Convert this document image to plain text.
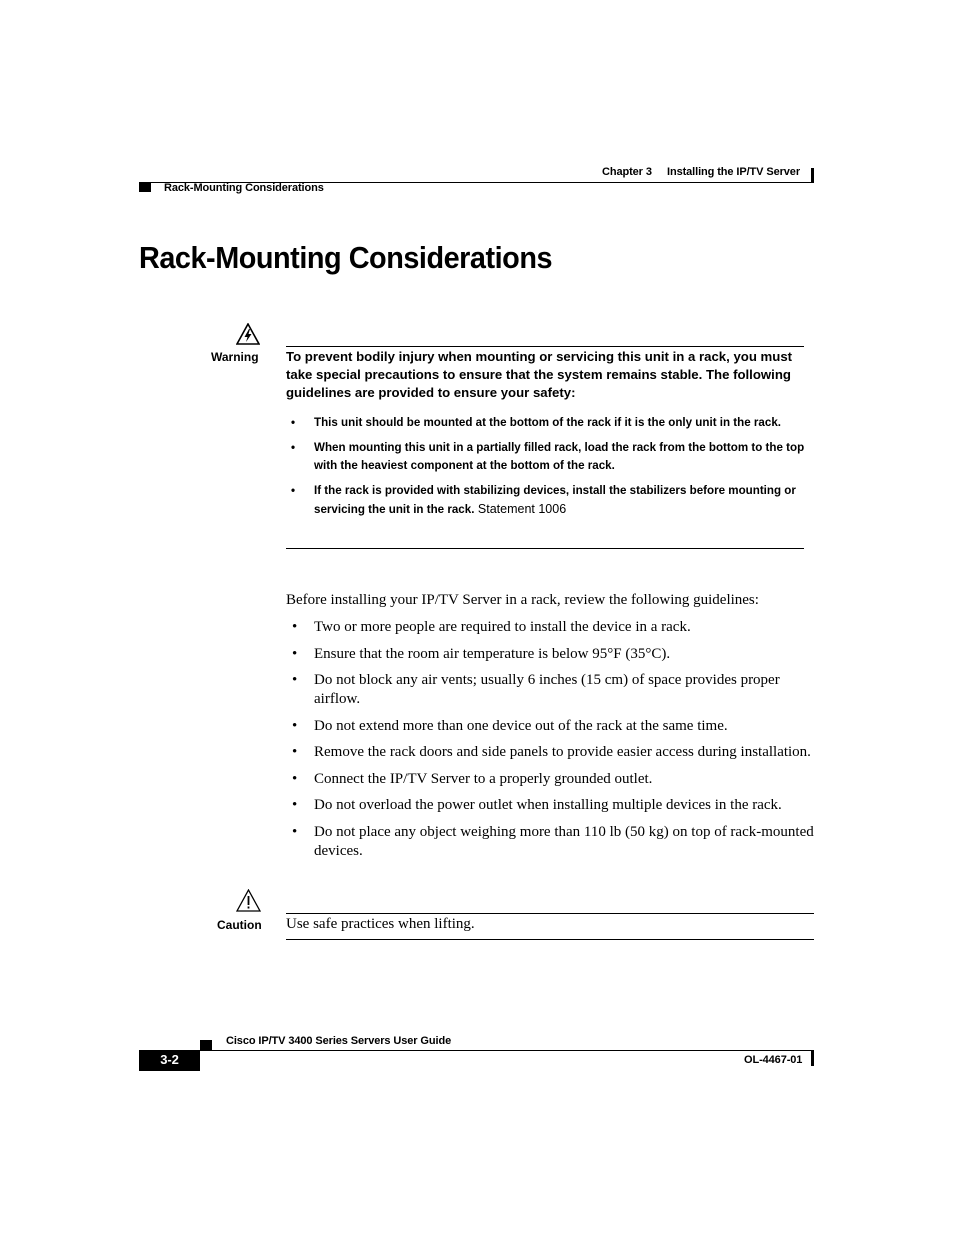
Chapter 3 Installing the IP/TV Server
Rack-Mounting Considerations
Rack-Mounting Considerations
Warning To prevent bodily injury when mounting or servicing this unit in a rack, you must take special precautions to ensure that the system remains stable. The following guidelines are provided to ensure your safety:
• This unit should be mounted at the bottom of the rack if it is the only unit in the rack.
• When mounting this unit in a partially filled rack, load the rack from the bottom to the top with the heaviest component at the bottom of the rack.
• If the rack is provided with stabilizing devices, install the stabilizers before mounting or servicing the unit in the rack. Statement 1006
Before installing your IP/TV Server in a rack, review the following guidelines:
• Two or more people are required to install the device in a rack.
• Ensure that the room air temperature is below 95°F (35°C).
• Do not block any air vents; usually 6 inches (15 cm) of space provides proper airflow.
• Do not extend more than one device out of the rack at the same time.
• Remove the rack doors and side panels to provide easier access during installation.
• Connect the IP/TV Server to a properly grounded outlet.
• Do not overload the power outlet when installing multiple devices in the rack.
• Do not place any object weighing more than 110 lb (50 kg) on top of rack-mounted devices.
Caution Use safe practices when lifting.
Cisco IP/TV 3400 Series Servers User Guide
3-2	OL-4467-01
